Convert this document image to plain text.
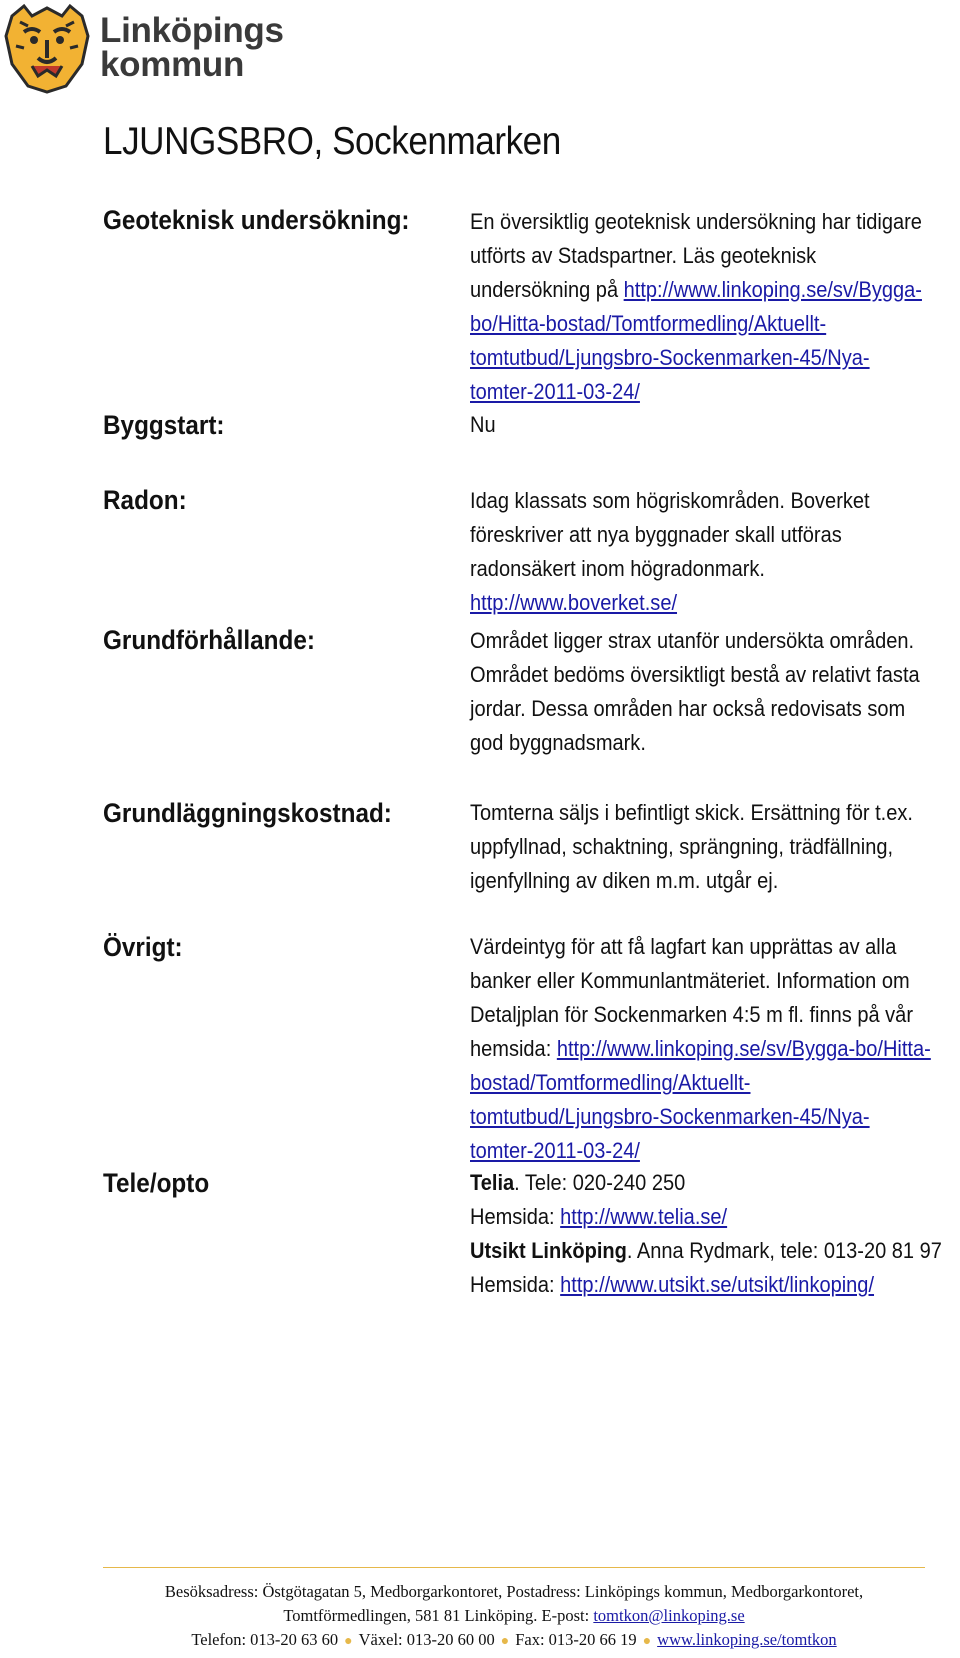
Linköpings
kommun
LJUNGSBRO, Sockenmarken
Geoteknisk undersökning:	En översiktlig geoteknisk undersökning har tidigare utförts av Stadspartner. Läs geoteknisk undersökning på http://www.linkoping.se/sv/Bygga-bo/Hitta-bostad/Tomtformedling/Aktuellt-tomtutbud/Ljungsbro-Sockenmarken-45/Nya-tomter-2011-03-24/

Byggstart:	Nu
Radon:	Idag klassats som högriskområden. Boverket föreskriver att nya byggnader skall utföras radonsäkert inom högradonmark. http://www.boverket.se/

Grundförhållande:	Området ligger strax utanför undersökta områden.

Området bedöms översiktligt bestå av relativt fasta jordar. Dessa områden har också redovisats som god byggnadsmark.

Grundläggningskostnad:	Tomterna säljs i befintligt skick. Ersättning för t.ex. uppfyllnad, schaktning, sprängning, trädfällning, igenfyllning av diken m.m. utgår ej.
Övrigt:	Värdeintyg för att få lagfart kan upprättas av alla banker eller Kommunlantmäteriet. Information om Detaljplan för Sockenmarken 4:5 m fl. finns på vår hemsida: http://www.linkoping.se/sv/Bygga-bo/Hitta-bostad/Tomtformedling/Aktuellt-tomtutbud/Ljungsbro-Sockenmarken-45/Nya-tomter-2011-03-24/

Tele/opto	Telia. Tele: 020-240 250

Hemsida: http://www.telia.se/

Utsikt Linköping. Anna Rydmark, tele: 013-20 81 97

Hemsida: http://www.utsikt.se/utsikt/linkoping/

Besöksadress: Östgötagatan 5, Medborgarkontoret, Postadress: Linköpings kommun, Medborgarkontoret,

Tomtförmedlingen, 581 81 Linköping. E-post: tomtkon@linkoping.se

Telefon: 013-20 63 60 ● Växel: 013-20 60 00 ● Fax: 013-20 66 19 ● www.linkoping.se/tomtkon
